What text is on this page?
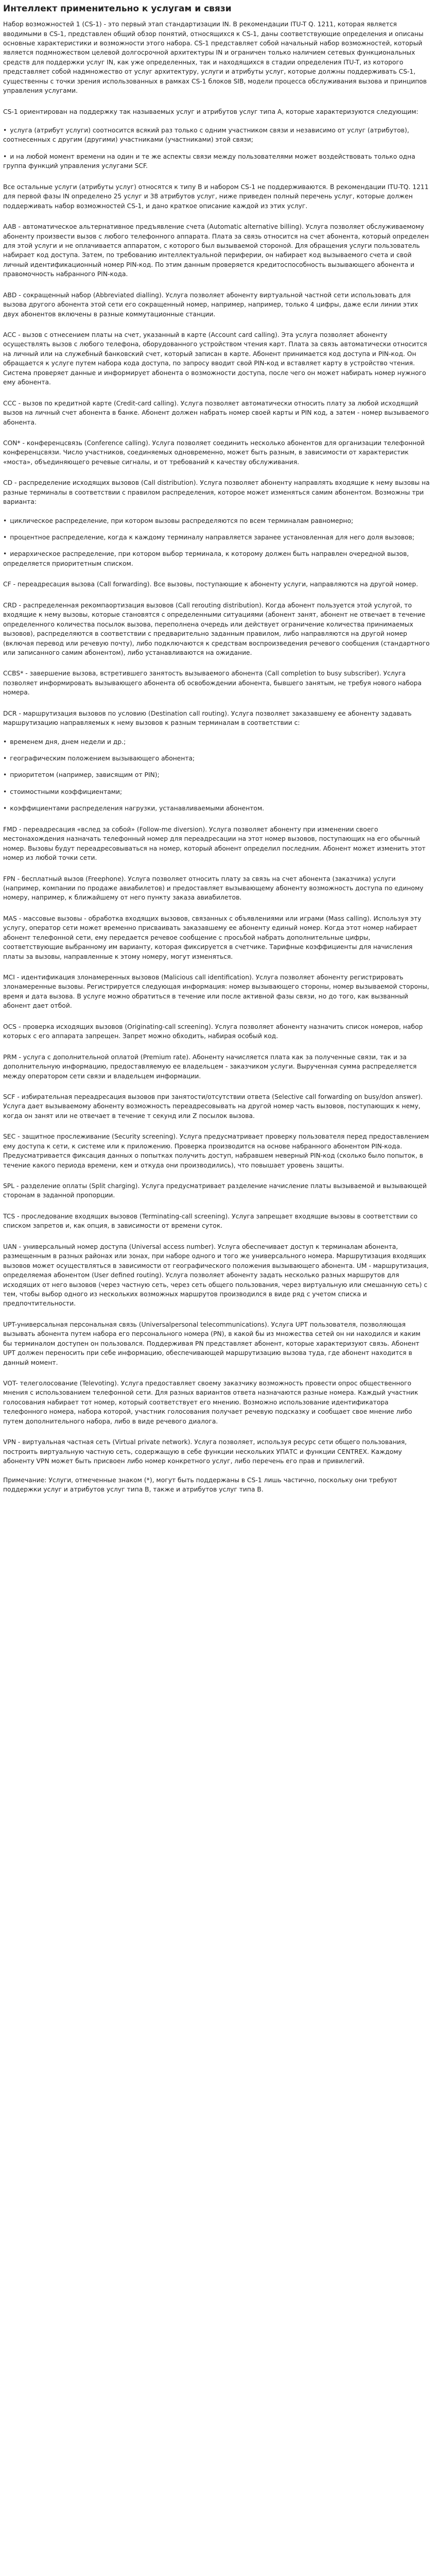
Интеллект применительно к услугам и связи

Набор возможностей 1 (CS-1) - это первый этап стандартизации IN. В рекомендации ITU-T Q. 1211, которая является вводимыми в CS-1, представлен общий обзор понятий, относящихся к CS-1, даны соответствующие определения и описаны основные характеристики и возможности этого набора. CS-1 представляет собой начальный набор возможностей, который является подмножеством целевой долгосрочной архитектуры IN и ограничен только наличием сетевых функциональных средств для поддержки услуг IN, как уже определенных, так и находящихся в стадии определения ITU-T, из которого представляет собой надмножество от услуг архитектуру, услуги и атрибуты услуг, которые должны поддерживать CS-1, существенны с точки зрения использованных в рамках CS-1 блоков SIB, модели процесса обслуживания вызова и принципов управления услугами.

CS-1 ориентирован на поддержку так называемых услуг и атрибутов услуг типа A, которые характеризуются следующим:

• услуга (атрибут услуги) соотносится всякий раз только с одним участником связи и независимо от услуг (атрибутов), соотнесенных с другим (другими) участниками (участниками) этой связи;
• и на любой момент времени на один и те же аспекты связи между пользователями может воздействовать только одна группа функций управления услугами SCF.

Все остальные услуги (атрибуты услуг) относятся к типу B и набором CS-1 не поддерживаются. В рекомендации ITU-TQ. 1211 для первой фазы IN определено 25 услуг и 38 атрибутов услуг, ниже приведен полный перечень услуг, которые должен поддерживать набор возможностей CS-1, и дано краткое описание каждой из этих услуг.

AAB - автоматическое альтернативное предъявление счета (Automatic alternative billing). Услуга позволяет обслуживаемому абоненту произвести вызов с любого телефонного аппарата. Плата за связь относится на счет абонента, который определен для этой услуги и не оплачивается аппаратом, с которого был вызываемой стороной. Для обращения услуги пользователь набирает код доступа. Затем, по требованию интеллектуальной периферии, он набирает код вызываемого счета и свой личный идентификационный номер PIN-код. По этим данным проверяется кредитоспособность вызывающего абонента и правомочность набранного PIN-кода.

ABD - сокращенный набор (Abbreviated dialling). Услуга позволяет абоненту виртуальной частной сети использовать для вызова другого абонента этой сети его сокращенный номер, например, например, только 4 цифры, даже если линии этих двух абонентов включены в разные коммутационные станции.

ACC - вызов с отнесением платы на счет, указанный в карте (Account card calling). Эта услуга позволяет абоненту осуществлять вызов с любого телефона, оборудованного устройством чтения карт. Плата за связь автоматически относится на личный или на служебный банковский счет, который записан в карте. Абонент принимается код доступа и PIN-код. Он обращается к услуге путем набора кода доступа, по запросу вводит свой PIN-код и вставляет карту в устройство чтения. Система проверяет данные и информирует абонента о возможности доступа, после чего он может набирать номер нужного ему абонента.

CCC - вызов по кредитной карте (Credit-card calling). Услуга позволяет автоматически относить плату за любой исходящий вызов на личный счет абонента в банке. Абонент должен набрать номер своей карты и PIN код, а затем - номер вызываемого абонента.

CON* - конференцсвязь (Conference calling). Услуга позволяет соединить несколько абонентов для организации телефонной конференцсвязи. Число участников, соединяемых одновременно, может быть разным, в зависимости от характеристик «моста», объединяющего речевые сигналы, и от требований к качеству обслуживания.

CD - распределение исходящих вызовов (Call distribution). Услуга позволяет абоненту направлять входящие к нему вызовы на разные терминалы в соответствии с правилом распределения, которое может изменяться самим абонентом. Возможны три варианта:

• циклическое распределение, при котором вызовы распределяются по всем терминалам равномерно;
• процентное распределение, когда к каждому терминалу направляется заранее установленная для него доля вызовов;
• иерархическое распределение, при котором выбор терминала, к которому должен быть направлен очередной вызов, определяется приоритетным списком.

CF - переадресация вызова (Call forwarding). Все вызовы, поступающие к абоненту услуги, направляются на другой номер.

CRD - распределенная рекомпаортизация вызовов (Call rerouting distribution). Когда абонент пользуется этой услугой, то входящие к нему вызовы, которые становятся с определенными ситуациями (абонент занят, абонент не отвечает в течение определенного количества посылок вызова, переполнена очередь или действует ограничение количества принимаемых вызовов), распределяются в соответствии с предварительно заданным правилом, либо направляются на другой номер (включая перевод или речевую почту), либо подключаются к средствам воспроизведения речевого сообщения (стандартного или записанного самим абонентом), либо устанавливаются на ожидание.

CCBS* - завершение вызова, встретившего занятость вызываемого абонента (Call completion to busy subscriber). Услуга позволяет информировать вызывающего абонента об освобождении абонента, бывшего занятым, не требуя нового набора номера.

DCR - маршрутизация вызовов по условию (Destination call routing). Услуга позволяет заказавшему ее абоненту задавать маршрутизацию направляемых к нему вызовов к разным терминалам в соответствии с:

• временем дня, днем недели и др.;
• географическим положением вызывающего абонента;
• приоритетом (например, зависящим от PIN);
• стоимостными коэффициентами;
• коэффициентами распределения нагрузки, устанавливаемыми абонентом.

FMD - переадресация «вслед за собой» (Follow-me diversion). Услуга позволяет абоненту при изменении своего местонахождения назначать телефонный номер для переадресации на этот номер вызовов, поступающих на его обычный номер. Вызовы будут переадресовываться на номер, который абонент определил последним. Абонент может изменить этот номер из любой точки сети.

FPN - бесплатный вызов (Freephone). Услуга позволяет относить плату за связь на счет абонента (заказчика) услуги (например, компании по продаже авиабилетов) и предоставляет вызывающему абоненту возможность доступа по единому номеру, например, к ближайшему от него пункту заказа авиабилетов.

MAS - массовые вызовы - обработка входящих вызовов, связанных с объявлениями или играми (Mass calling). Используя эту услугу, оператор сети может временно присваивать заказавшему ее абоненту единый номер. Когда этот номер набирает абонент телефонной сети, ему передается речевое сообщение с просьбой набрать дополнительные цифры, соответствующие выбранному им варианту, которая фиксируется в счетчике. Тарифные коэффициенты для начисления платы за вызовы, направленные к этому номеру, могут изменяться.

MCI - идентификация злонамеренных вызовов (Malicious call identification). Услуга позволяет абоненту регистрировать злонамеренные вызовы. Регистрируется следующая информация: номер вызывающего стороны, номер вызываемой стороны, время и дата вызова. В услуге можно обратиться в течение или после активной фазы связи, но до того, как вызванный абонент дает отбой.

OCS - проверка исходящих вызовов (Originating-call screening). Услуга позволяет абоненту назначить список номеров, набор которых с его аппарата запрещен. Запрет можно обходить, набирая особый код.

PRM - услуга с дополнительной оплатой (Premium rate). Абоненту начисляется плата как за полученные связи, так и за дополнительную информацию, предоставляемую ее владельцем - заказчиком услуги. Вырученная сумма распределяется между оператором сети связи и владельцем информации.

SCF - избирательная переадресация вызовов при занятости/отсутствии ответа (Selective call forwarding on busy/don answer). Услуга дает вызываемому абоненту возможность переадресовывать на другой номер часть вызовов, поступающих к нему, когда он занят или не отвечает в течение т секунд или Z посылок вызова.

SEC - защитное прослеживание (Security screening). Услуга предусматривает проверку пользователя перед предоставлением ему доступа к сети, к системе или к приложению. Проверка производится на основе набранного абонентом PIN-кода. Предусматривается фиксация данных о попытках получить доступ, набравшем неверный PIN-код (сколько было попыток, в течение какого периода времени, кем и откуда они производились), что повышает уровень защиты.

SPL - разделение оплаты (Split charging). Услуга предусматривает разделение начисление платы вызываемой и вызывающей сторонам в заданной пропорции.

TCS - проследование входящих вызовов (Terminating-call screening). Услуга запрещает входящие вызовы в соответствии со списком запретов и, как опция, в зависимости от времени суток.

UAN - универсальный номер доступа (Universal access number). Услуга обеспечивает доступ к терминалам абонента, размещенным в разных районах или зонах, при наборе одного и того же универсального номера. Маршрутизация входящих вызовов может осуществляться в зависимости от географического положения вызывающего абонента. UM - маршрутизация, определяемая абонентом (User defined routing). Услуга позволяет абоненту задать несколько разных маршрутов для исходящих от него вызовов (через частную сеть, через сеть общего пользования, через виртуальную или смешанную сеть) с тем, чтобы выбор одного из нескольких возможных маршрутов производился в виде ряд с учетом списка и предпочтительности.

UPT-универсальная персональная связь (Universalpersonal telecommunications). Услуга UPT пользователя, позволяющая вызывать абонента путем набора его персонального номера (PN), в какой бы из множества сетей он ни находился и каким бы терминалом доступен он пользовался. Поддерживая PN представляет абонент, которые характеризуют связь. Абонент UPT должен переносить при себе информацию, обеспечивающей маршрутизацию вызова туда, где абонент находится в данный момент.

VOT- телеголосование (Televoting). Услуга предоставляет своему заказчику возможность провести опрос общественного мнения с использованием телефонной сети. Для разных вариантов ответа назначаются разные номера. Каждый участник голосования набирает тот номер, который соответствует его мнению. Возможно использование идентификатора телефонного номера, набора которой, участник голосования получает речевую подсказку и сообщает свое мнение либо путем дополнительного набора, либо в виде речевого диалога.

VPN - виртуальная частная сеть (Virtual private network). Услуга позволяет, используя ресурс сети общего пользования, построить виртуальную частную сеть, содержащую в себе функции нескольких УПАТС и функции CENTREX. Каждому абоненту VPN может быть присвоен либо номер конкретного услуг, либо перечень его прав и привилегий.

Примечание: Услуги, отмеченные знаком (*), могут быть поддержаны в CS-1 лишь частично, поскольку они требуют поддержки услуг и атрибутов услуг типа B, также и атрибутов услуг типа B.
